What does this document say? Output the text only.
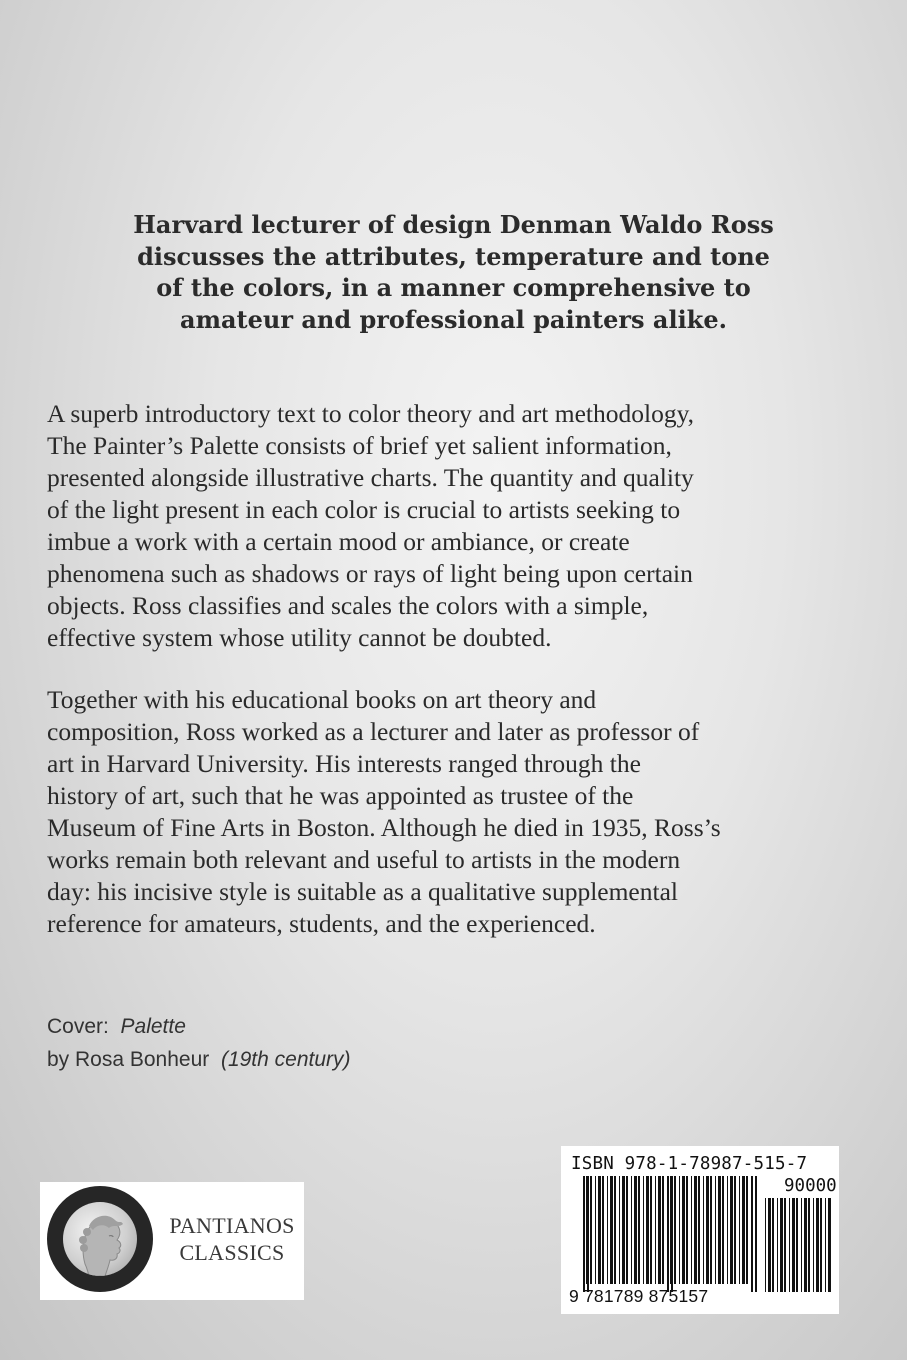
Harvard lecturer of design Denman Waldo Ross
discusses the attributes, temperature and tone
of the colors, in a manner comprehensive to
amateur and professional painters alike.
A superb introductory text to color theory and art methodology,
The Painter’s Palette consists of brief yet salient information,
presented alongside illustrative charts. The quantity and quality
of the light present in each color is crucial to artists seeking to
imbue a work with a certain mood or ambiance, or create
phenomena such as shadows or rays of light being upon certain
objects. Ross classifies and scales the colors with a simple,
effective system whose utility cannot be doubted.
Together with his educational books on art theory and
composition, Ross worked as a lecturer and later as professor of
art in Harvard University. His interests ranged through the
history of art, such that he was appointed as trustee of the
Museum of Fine Arts in Boston. Although he died in 1935, Ross’s
works remain both relevant and useful to artists in the modern
day: his incisive style is suitable as a qualitative supplemental
reference for amateurs, students, and the experienced.
Cover: Palette
by Rosa Bonheur (19th century)
PANTIANOS
CLASSICS
ISBN 978-1-78987-515-7
90000
9 781789 875157
